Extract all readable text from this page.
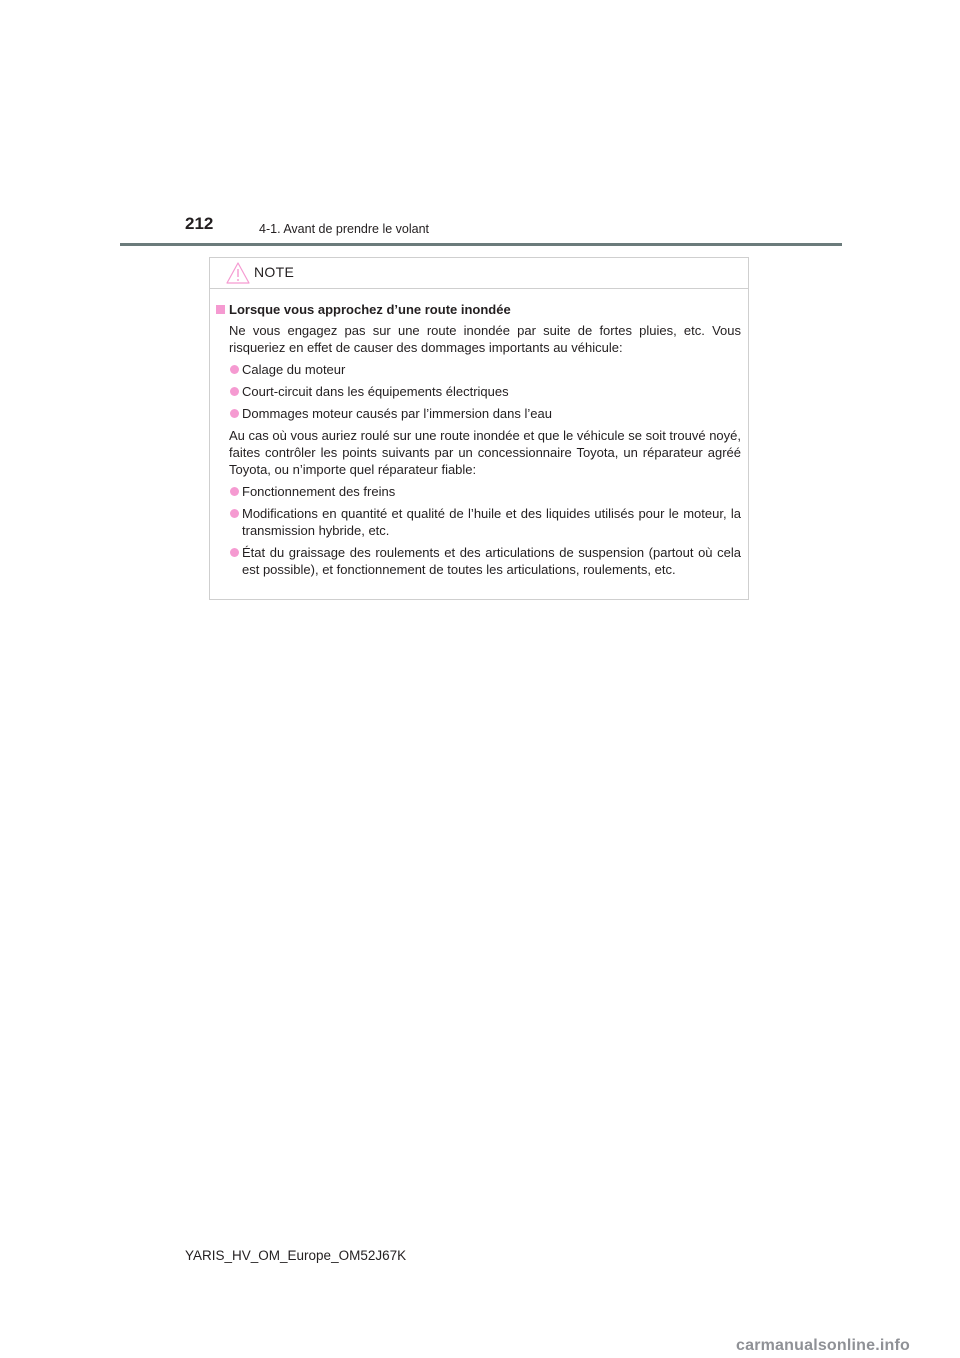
212	4-1. Avant de prendre le volant
NOTE
Lorsque vous approchez d’une route inondée
Ne vous engagez pas sur une route inondée par suite de fortes pluies, etc. Vous risqueriez en effet de causer des dommages importants au véhicule:
Calage du moteur
Court-circuit dans les équipements électriques
Dommages moteur causés par l’immersion dans l’eau
Au cas où vous auriez roulé sur une route inondée et que le véhicule se soit trouvé noyé, faites contrôler les points suivants par un concessionnaire Toyota, un réparateur agréé Toyota, ou n’importe quel réparateur fiable:
Fonctionnement des freins
Modifications en quantité et qualité de l’huile et des liquides utilisés pour le moteur, la transmission hybride, etc.
État du graissage des roulements et des articulations de suspension (partout où cela est possible), et fonctionnement de toutes les articulations, roulements, etc.
YARIS_HV_OM_Europe_OM52J67K
carmanualsonline.info
